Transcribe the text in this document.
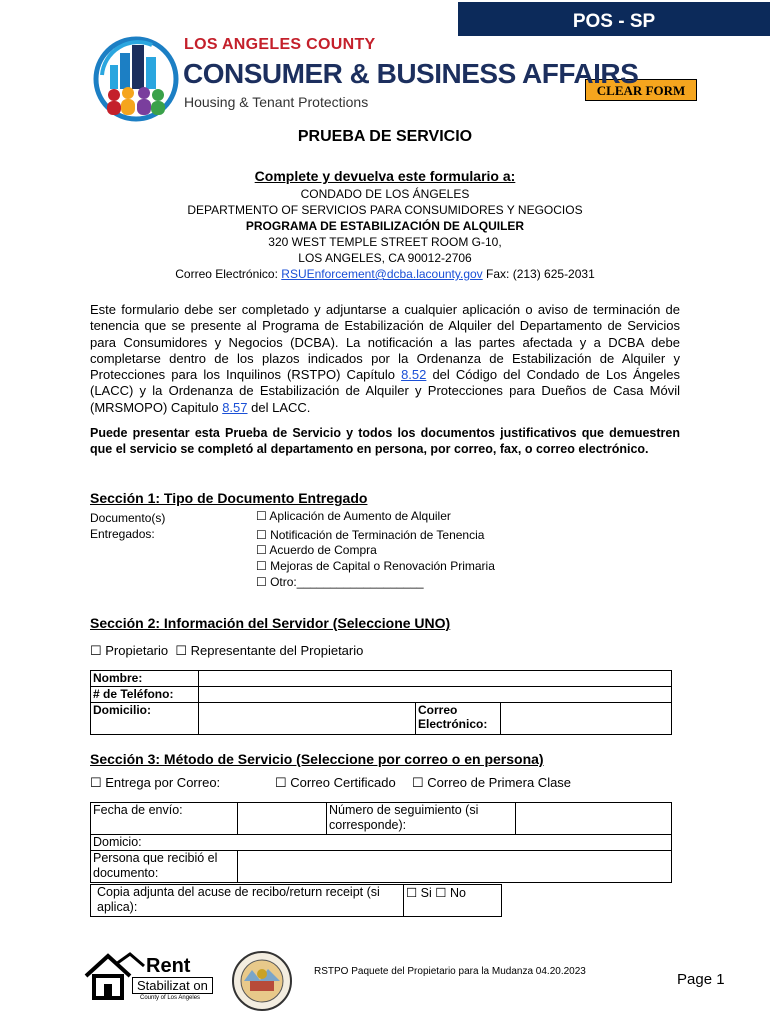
POS - SP
CLEAR FORM
LOS ANGELES COUNTY
CONSUMER & BUSINESS AFFAIRS
Housing & Tenant Protections
PRUEBA DE SERVICIO
Complete y devuelva este formulario a:
CONDADO DE LOS ÁNGELES
DEPARTMENTO OF SERVICIOS PARA CONSUMIDORES Y NEGOCIOS
PROGRAMA DE ESTABILIZACIÓN DE ALQUILER
320 WEST TEMPLE STREET ROOM G-10,
LOS ANGELES, CA 90012-2706
Correo Electrónico: RSUEnforcement@dcba.lacounty.gov Fax: (213) 625-2031
Este formulario debe ser completado y adjuntarse a cualquier aplicación o aviso de terminación de tenencia que se presente al Programa de Estabilización de Alquiler del Departamento de Servicios para Consumidores y Negocios (DCBA). La notificación a las partes afectada y a DCBA debe completarse dentro de los plazos indicados por la Ordenanza de Estabilización de Alquiler y Protecciones para los Inquilinos (RSTPO) Capítulo 8.52 del Código del Condado de Los Ángeles (LACC) y la Ordenanza de Estabilización de Alquiler y Protecciones para Dueños de Casa Móvil (MRSMOPO) Capitulo 8.57 del LACC.
Puede presentar esta Prueba de Servicio y todos los documentos justificativos que demuestren que el servicio se completó al departamento en persona, por correo, fax, o correo electrónico.
Sección 1: Tipo de Documento Entregado
Documento(s)
Entregados:
☐ Aplicación de Aumento de Alquiler
☐ Notificación de Terminación de Tenencia
☐ Acuerdo de Compra
☐ Mejoras de Capital o Renovación Primaria
☐ Otro:___________________
Sección 2: Información del Servidor (Seleccione UNO)
☐ Propietario ☐ Representante del Propietario
Nombre:			
# de Teléfono:			
Domicilio:		Correo
Electrónico:	
Sección 3: Método de Servicio (Seleccione por correo o en persona)
☐ Entrega por Correo:	☐ Correo Certificado ☐ Correo de Primera Clase
Fecha de envío:		Número de seguimiento (si corresponde):	
Domicio:			
Persona que recibió el documento:			
Copia adjunta del acuse de recibo/return receipt (si aplica):	☐ Si ☐ No
Rent
Stabilizat on
County of Los Angeles
RSTPO Paquete del Propietario para la Mudanza 04.20.2023	Page 1
